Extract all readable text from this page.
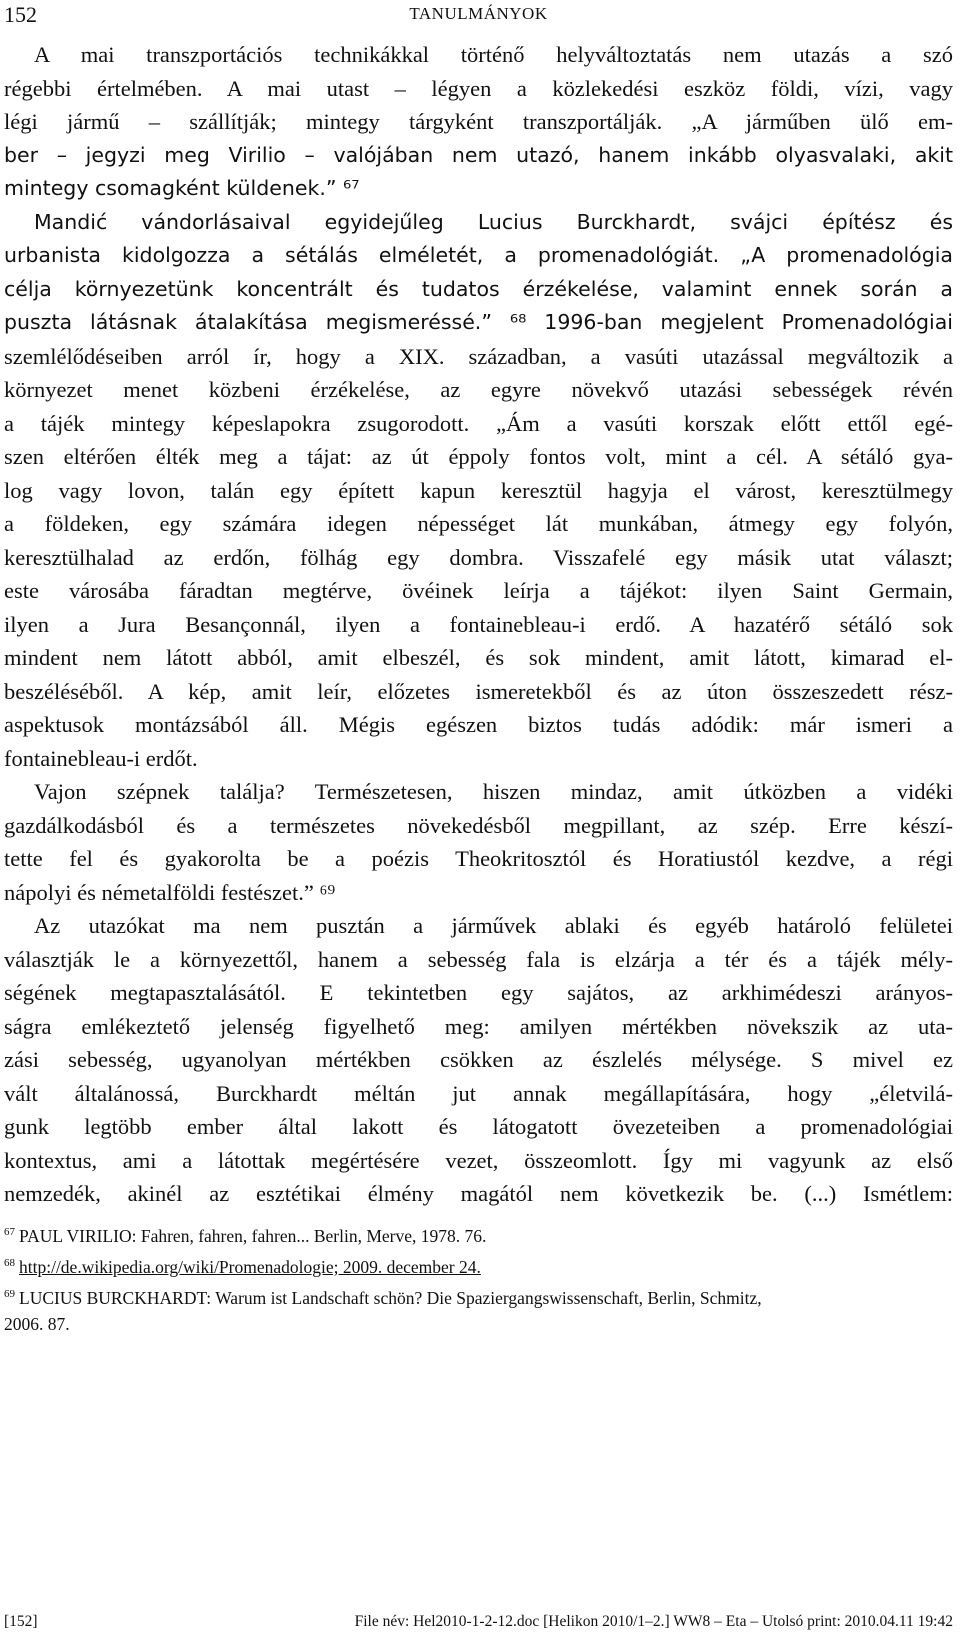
152	TANULMÁNYOK
A mai transzportációs technikákkal történő helyváltoztatás nem utazás a szó
régebbi értelmében. A mai utast – légyen a közlekedési eszköz földi, vízi, vagy
légi jármű – szállítják; mintegy tárgyként transzportálják. „A járműben ülő em-
ber – jegyzi meg Virilio – valójában nem utazó, hanem inkább olyasvalaki, akit
mintegy csomagként küldenek.” ⁶⁷
Mandić vándorlásaival egyidejűleg Lucius Burckhardt, svájci építész és
urbanista kidolgozza a sétálás elméletét, a promenadológiát. „A promenadológia
célja környezetünk koncentrált és tudatos érzékelése, valamint ennek során a
puszta látásnak átalakítása megismeréssé.” ⁶⁸ 1996-ban megjelent Promenadológiai
szemlélődéseiben arról ír, hogy a XIX. században, a vasúti utazással megváltozik a
környezet menet közbeni érzékelése, az egyre növekvő utazási sebességek révén
a tájék mintegy képeslapokra zsugorodott. „Ám a vasúti korszak előtt ettől egé-
szen eltérően élték meg a tájat: az út éppoly fontos volt, mint a cél. A sétáló gya-
log vagy lovon, talán egy épített kapun keresztül hagyja el várost, keresztülmegy
a földeken, egy számára idegen népességet lát munkában, átmegy egy folyón,
keresztülhalad az erdőn, fölhág egy dombra. Visszafelé egy másik utat választ;
este városába fáradtan megtérve, övéinek leírja a tájékot: ilyen Saint Germain,
ilyen a Jura Besançonnál, ilyen a fontainebleau-i erdő. A hazatérő sétáló sok
mindent nem látott abból, amit elbeszél, és sok mindent, amit látott, kimarad el-
beszéléséből. A kép, amit leír, előzetes ismeretekből és az úton összeszedett rész-
aspektusok montázsából áll. Mégis egészen biztos tudás adódik: már ismeri a
fontainebleau-i erdőt.
Vajon szépnek találja? Természetesen, hiszen mindaz, amit útközben a vidéki
gazdálkodásból és a természetes növekedésből megpillant, az szép. Erre készí-
tette fel és gyakorolta be a poézis Theokritosztól és Horatiustól kezdve, a régi
nápolyi és németalföldi festészet.” ⁶⁹
Az utazókat ma nem pusztán a járművek ablaki és egyéb határoló felületei
választják le a környezettől, hanem a sebesség fala is elzárja a tér és a tájék mély-
ségének megtapasztalásától. E tekintetben egy sajátos, az arkhimédeszi arányos-
ságra emlékeztető jelenség figyelhető meg: amilyen mértékben növekszik az uta-
zási sebesség, ugyanolyan mértékben csökken az észlelés mélysége. S mivel ez
vált általánossá, Burckhardt méltán jut annak megállapítására, hogy „életvilá-
gunk legtöbb ember által lakott és látogatott övezeteiben a promenadológiai
kontextus, ami a látottak megértésére vezet, összeomlott. Így mi vagyunk az első
nemzedék, akinél az esztétikai élmény magától nem következik be. (...) Ismétlem:
$^{67}$ PAUL VIRILIO: Fahren, fahren, fahren... Berlin, Merve, 1978. 76.
$^{68}$ http://de.wikipedia.org/wiki/Promenadologie; 2009. december 24.
$^{69}$ LUCIUS BURCKHARDT: Warum ist Landschaft schön? Die Spaziergangswissenschaft, Berlin, Schmitz,
2006. 87.
[152]	File név: Hel2010-1-2-12.doc [Helikon 2010/1–2.] WW8 – Eta – Utolsó print: 2010.04.11 19:42
